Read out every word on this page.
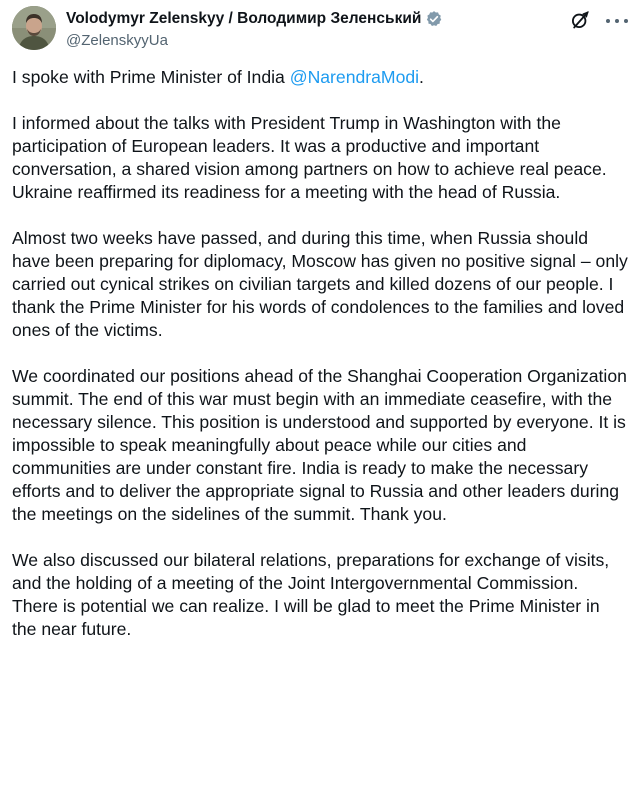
Volodymyr Zelenskyy / Володимир Зеленський
@ZelenskyyUa

I spoke with Prime Minister of India @NarendraModi.

I informed about the talks with President Trump in Washington with the participation of European leaders. It was a productive and important conversation, a shared vision among partners on how to achieve real peace. Ukraine reaffirmed its readiness for a meeting with the head of Russia.

Almost two weeks have passed, and during this time, when Russia should have been preparing for diplomacy, Moscow has given no positive signal – only carried out cynical strikes on civilian targets and killed dozens of our people. I thank the Prime Minister for his words of condolences to the families and loved ones of the victims.

We coordinated our positions ahead of the Shanghai Cooperation Organization summit. The end of this war must begin with an immediate ceasefire, with the necessary silence. This position is understood and supported by everyone. It is impossible to speak meaningfully about peace while our cities and communities are under constant fire. India is ready to make the necessary efforts and to deliver the appropriate signal to Russia and other leaders during the meetings on the sidelines of the summit. Thank you.

We also discussed our bilateral relations, preparations for exchange of visits, and the holding of a meeting of the Joint Intergovernmental Commission. There is potential we can realize. I will be glad to meet the Prime Minister in the near future.
